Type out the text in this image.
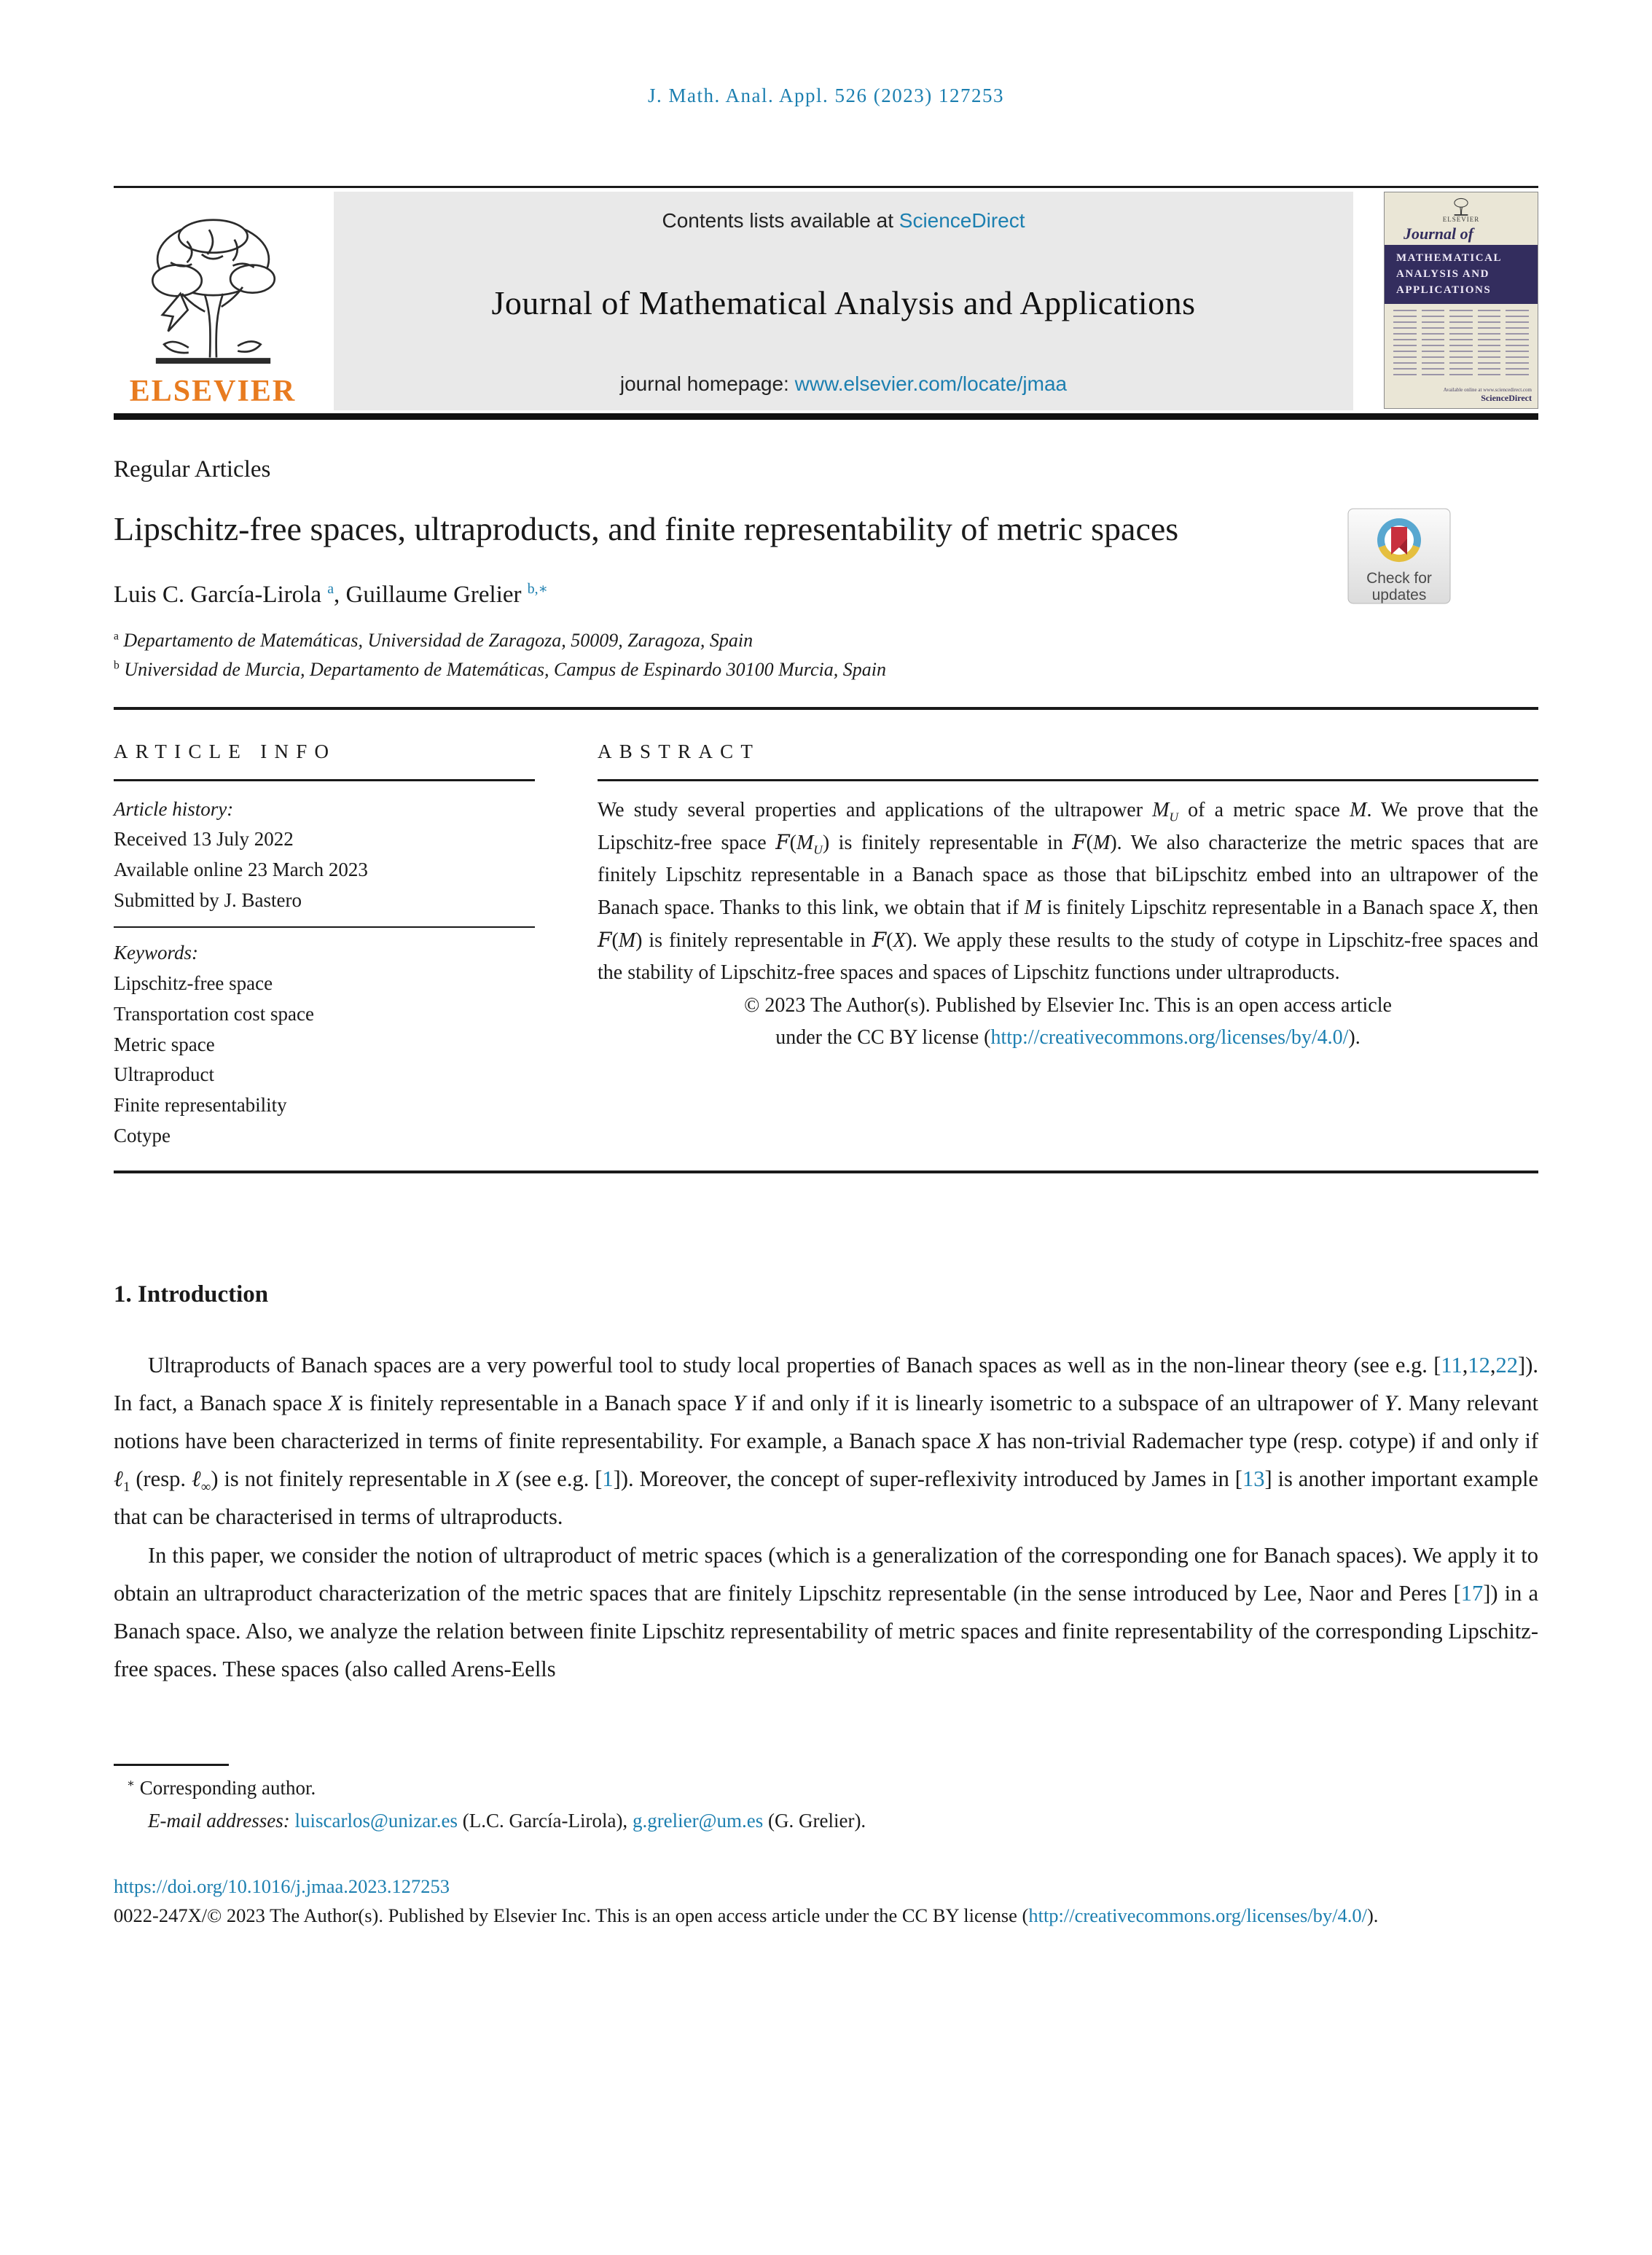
J. Math. Anal. Appl. 526 (2023) 127253
ELSEVIER
Contents lists available at ScienceDirect
Journal of Mathematical Analysis and Applications
journal homepage: www.elsevier.com/locate/jmaa
ELSEVIER
Journal of
MATHEMATICAL
ANALYSIS AND
APPLICATIONS
Available online at www.sciencedirect.com
ScienceDirect
Regular Articles
Lipschitz-free spaces, ultraproducts, and finite representability of metric spaces
Check for
updates
Luis C. García-Lirola $^a$, Guillaume Grelier $^{b,∗}$
$^a$ Departamento de Matemáticas, Universidad de Zaragoza, 50009, Zaragoza, Spain
$^b$ Universidad de Murcia, Departamento de Matemáticas, Campus de Espinardo 30100 Murcia, Spain
ARTICLE INFO
Article history:
Received 13 July 2022
Available online 23 March 2023
Submitted by J. Bastero
Keywords:
Lipschitz-free space
Transportation cost space
Metric space
Ultraproduct
Finite representability
Cotype
ABSTRACT
We study several properties and applications of the ultrapower $M_U$ of a metric space M. We prove that the Lipschitz-free space $F(M_U)$ is finitely representable in F(M). We also characterize the metric spaces that are finitely Lipschitz representable in a Banach space as those that biLipschitz embed into an ultrapower of the Banach space. Thanks to this link, we obtain that if M is finitely Lipschitz representable in a Banach space X, then F(M) is finitely representable in F(X). We apply these results to the study of cotype in Lipschitz-free spaces and the stability of Lipschitz-free spaces and spaces of Lipschitz functions under ultraproducts.
© 2023 The Author(s). Published by Elsevier Inc. This is an open access article
under the CC BY license (http://creativecommons.org/licenses/by/4.0/).
1. Introduction
Ultraproducts of Banach spaces are a very powerful tool to study local properties of Banach spaces as well as in the non-linear theory (see e.g. [11,12,22]). In fact, a Banach space X is finitely representable in a Banach space Y if and only if it is linearly isometric to a subspace of an ultrapower of Y. Many relevant notions have been characterized in terms of finite representability. For example, a Banach space X has non-trivial Rademacher type (resp. cotype) if and only if ℓ$_1$ (resp. ℓ$_\infty$) is not finitely representable in X (see e.g. [1]). Moreover, the concept of super-reflexivity introduced by James in [13] is another important example that can be characterised in terms of ultraproducts.
In this paper, we consider the notion of ultraproduct of metric spaces (which is a generalization of the corresponding one for Banach spaces). We apply it to obtain an ultraproduct characterization of the metric spaces that are finitely Lipschitz representable (in the sense introduced by Lee, Naor and Peres [17]) in a Banach space. Also, we analyze the relation between finite Lipschitz representability of metric spaces and finite representability of the corresponding Lipschitz-free spaces. These spaces (also called Arens-Eells
∗ Corresponding author.
E-mail addresses: luiscarlos@unizar.es (L.C. García-Lirola), g.grelier@um.es (G. Grelier).
https://doi.org/10.1016/j.jmaa.2023.127253
0022-247X/© 2023 The Author(s). Published by Elsevier Inc. This is an open access article under the CC BY license (http://creativecommons.org/licenses/by/4.0/).
